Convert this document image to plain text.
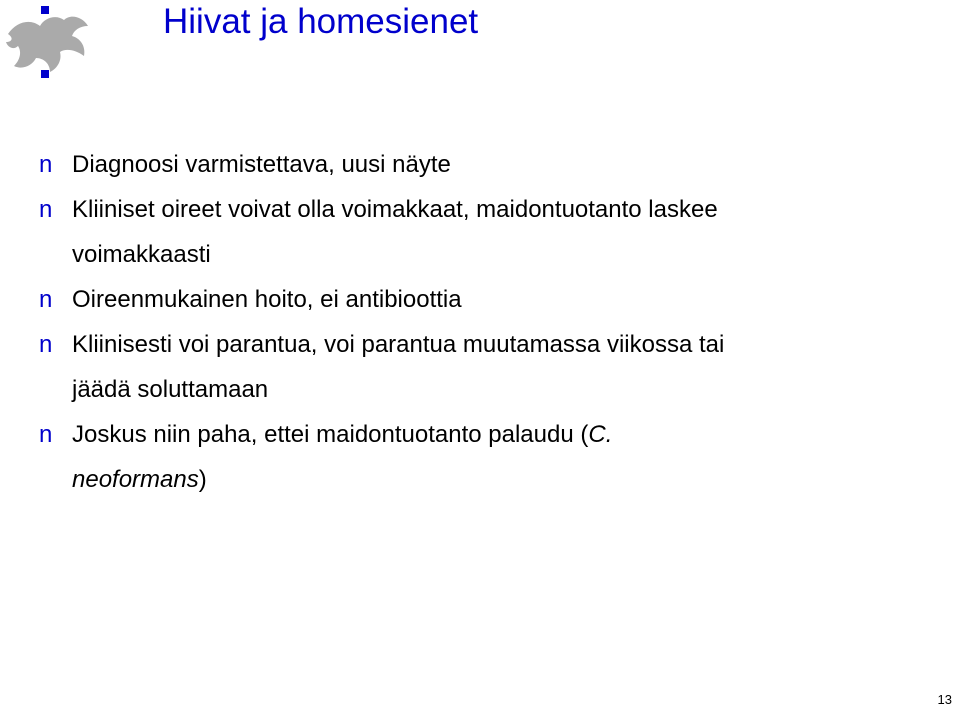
Hiivat ja homesienet
n Diagnoosi varmistettava, uusi näyte
n Kliiniset oireet voivat olla voimakkaat, maidontuotanto laskee
voimakkaasti
n Oireenmukainen hoito, ei antibioottia
n Kliinisesti voi parantua, voi parantua muutamassa viikossa tai
jäädä soluttamaan
n Joskus niin paha, ettei maidontuotanto palaudu (C.
neoformans)
13
